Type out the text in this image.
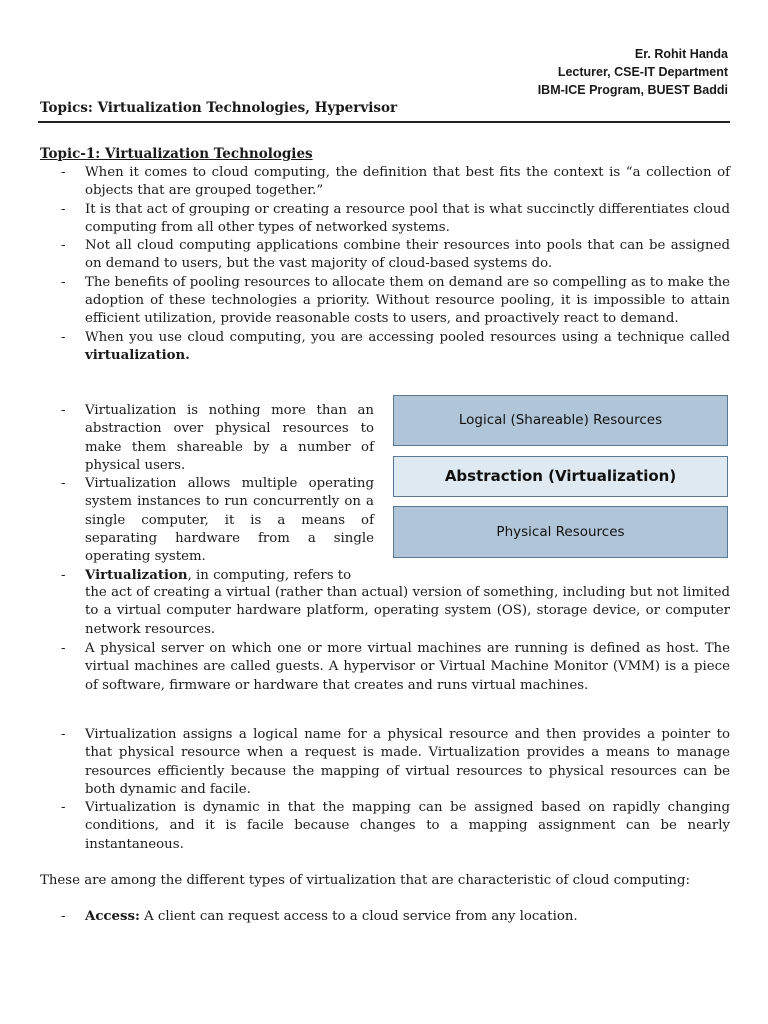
Er. Rohit Handa
Lecturer, CSE-IT Department
IBM-ICE Program, BUEST Baddi
Topics: Virtualization Technologies, Hypervisor
Topic-1: Virtualization Technologies
- When it comes to cloud computing, the definition that best fits the context is “a collection of objects that are grouped together.”
- It is that act of grouping or creating a resource pool that is what succinctly differentiates cloud computing from all other types of networked systems.
- Not all cloud computing applications combine their resources into pools that can be assigned on demand to users, but the vast majority of cloud-based systems do.
- The benefits of pooling resources to allocate them on demand are so compelling as to make the adoption of these technologies a priority. Without resource pooling, it is impossible to attain efficient utilization, provide reasonable costs to users, and proactively react to demand.
- When you use cloud computing, you are accessing pooled resources using a technique called virtualization.
- Virtualization is nothing more than an abstraction over physical resources to make them shareable by a number of physical users.
- Virtualization allows multiple operating system instances to run concurrently on a single computer, it is a means of separating hardware from a single operating system.
- Virtualization, in computing, refers to
Logical (Shareable) Resources
Abstraction (Virtualization)
Physical Resources
the act of creating a virtual (rather than actual) version of something, including but not limited to a virtual computer hardware platform, operating system (OS), storage device, or computer network resources.
- A physical server on which one or more virtual machines are running is defined as host. The virtual machines are called guests. A hypervisor or Virtual Machine Monitor (VMM) is a piece of software, firmware or hardware that creates and runs virtual machines.
- Virtualization assigns a logical name for a physical resource and then provides a pointer to that physical resource when a request is made. Virtualization provides a means to manage resources efficiently because the mapping of virtual resources to physical resources can be both dynamic and facile.
- Virtualization is dynamic in that the mapping can be assigned based on rapidly changing conditions, and it is facile because changes to a mapping assignment can be nearly instantaneous.
These are among the different types of virtualization that are characteristic of cloud computing:
- Access: A client can request access to a cloud service from any location.
